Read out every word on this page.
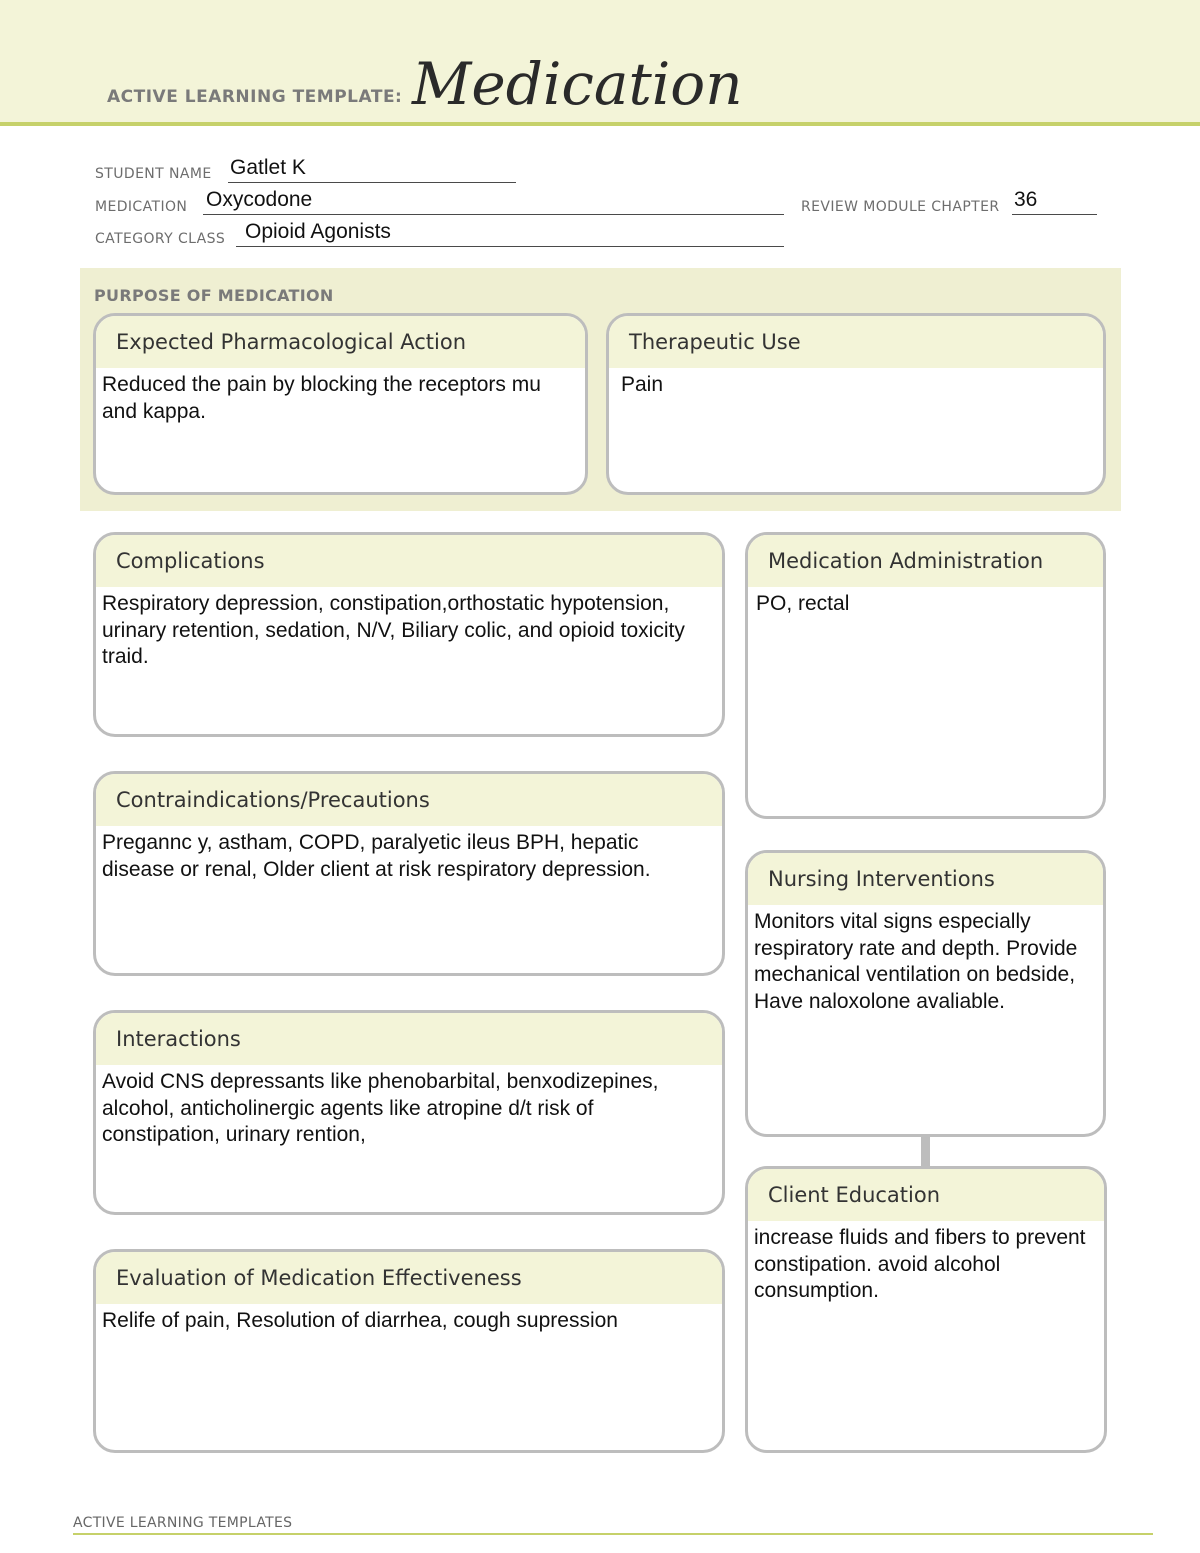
ACTIVE LEARNING TEMPLATE: Medication
STUDENT NAME Gatlet K
MEDICATION Oxycodone	REVIEW MODULE CHAPTER 36
CATEGORY CLASS Opioid Agonists
PURPOSE OF MEDICATION
Expected Pharmacological Action
Reduced the pain by blocking the receptors mu and kappa.
Therapeutic Use
Pain
Complications
Respiratory depression, constipation,orthostatic hypotension, urinary retention, sedation, N/V, Biliary colic, and opioid toxicity traid.
Contraindications/Precautions
Pregannc y, astham, COPD, paralyetic ileus BPH, hepatic disease or renal, Older client at risk respiratory depression.
Interactions
Avoid CNS depressants like phenobarbital, benxodizepines, alcohol, anticholinergic agents like atropine d/t risk of constipation, urinary rention,
Evaluation of Medication Effectiveness
Relife of pain, Resolution of diarrhea, cough supression
Medication Administration
PO, rectal
Nursing Interventions
Monitors vital signs especially respiratory rate and depth. Provide mechanical ventilation on bedside, Have naloxolone avaliable.
Client Education
increase fluids and fibers to prevent constipation. avoid alcohol consumption.
ACTIVE LEARNING TEMPLATES
